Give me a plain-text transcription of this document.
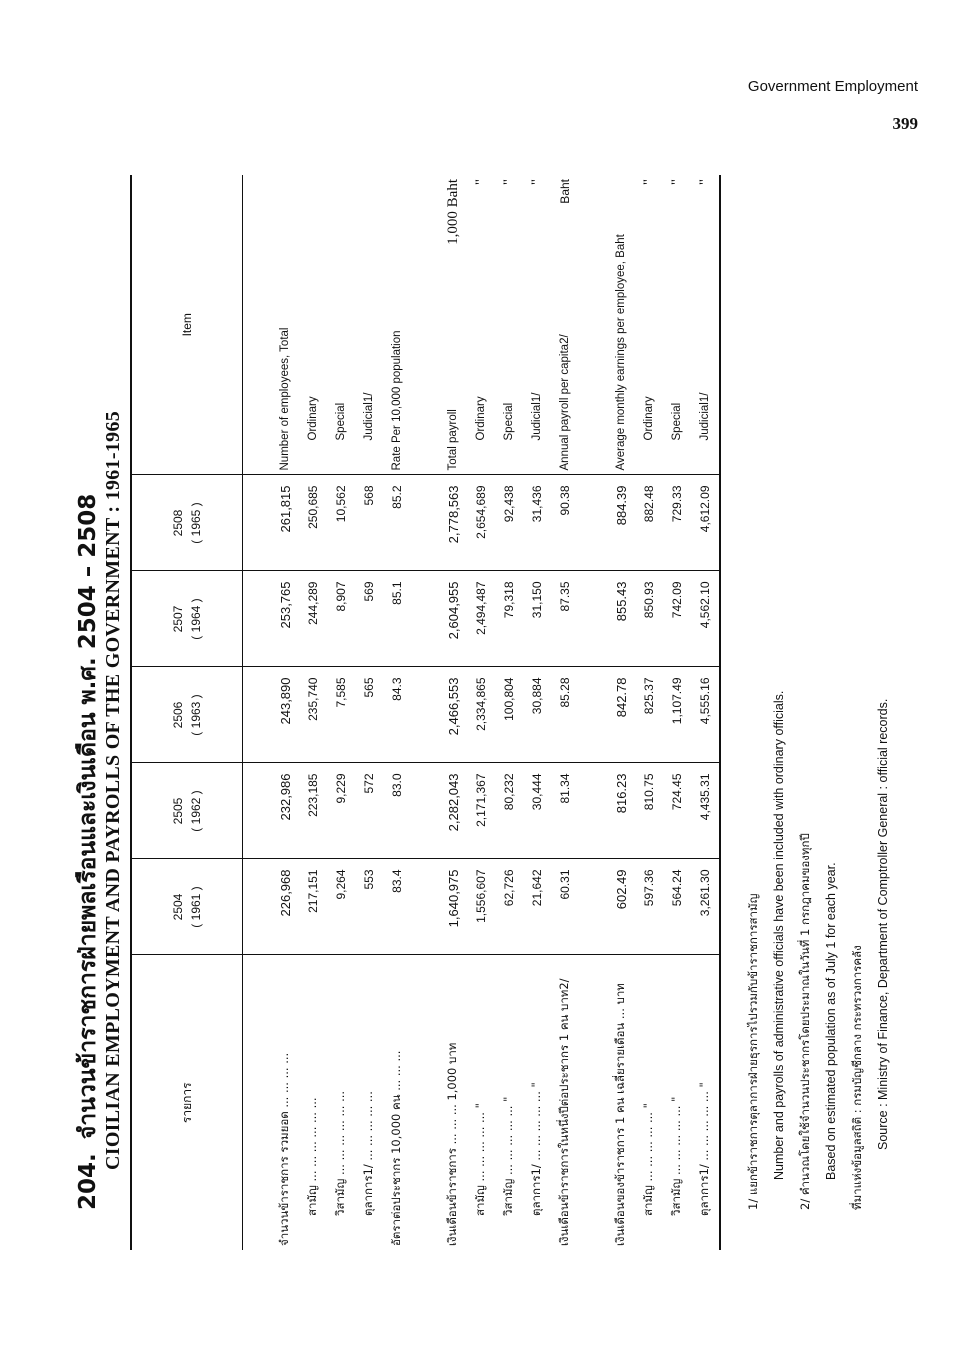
Government Employment
399
204.จำนวนข้าราชการฝ่ายพลเรือนและเงินเดือน พ.ศ. 2504 – 2508 CIOILIAN EMPLOYMENT AND PAYROLLS OF THE GOVERNMENT : 1961-1965	รายการ	2504 ( 1961 )	2505 ( 1962 )	2506 ( 1963 )	2507 ( 1964 )	2508 ( 1965 )	Item	

จำนวนข้าราชการ รวมยอด ... ... ... ...	226,968	232,986	243,890	253,765	261,815	Number of employees, Total	
สามัญ ... ... ... ... ... ...	217,151	223,185	235,740	244,289	250,685	Ordinary	
วิสามัญ ... ... ... ... ... ...	9,264	9,229	7,585	8,907	10,562	Special	
ตุลาการ1/ ... ... ... ... ...	553	572	565	569	568	Judicial1/	
อัตราต่อประชากร 10,000 คน ... ... ...	83.4	83.0	84.3	85.1	85.2	Rate Per 10,000 population	

เงินเดือนข้าราชการ ... ... ... 1,000 บาท	1,640,975	2,282,043	2,466,553	2,604,955	2,778,563	Total payroll	1,000 Baht
สามัญ ... ... ... ... ... "	1,556,607	2,171,367	2,334,865	2,494,487	2,654,689	Ordinary	"
วิสามัญ ... ... ... ... ... "	62,726	80,232	100,804	79,318	92,438	Special	"
ตุลาการ1/ ... ... ... ... ... "	21,642	30,444	30,884	31,150	31,436	Judicial1/	"
เงินเดือนข้าราชการในหนึ่งปีต่อประชากร 1 คน บาท2/	60.31	81.34	85.28	87.35	90.38	Annual payroll per capita2/	Baht

เงินเดือนของข้าราชการ 1 คน เฉลี่ยรายเดือน ... บาท	602.49	816.23	842.78	855.43	884.39	Average monthly earnings per employee, Baht	
สามัญ ... ... ... ... ... "	597.36	810.75	825.37	850.93	882.48	Ordinary	"
วิสามัญ ... ... ... ... ... "	564.24	724.45	1,107.49	742.09	729.33	Special	"
ตุลาการ1/ ... ... ... ... ... "	3,261.30	4,435.31	4,555.16	4,562.10	4,612.09	Judicial1/	"
1/ แยกข้าราชการตุลาการฝ่ายธุรการไปรวมกับข้าราชการสามัญ Number and payrolls of administrative officials have been included with ordinary officials.	2/ คำนวณโดยใช้จำนวนประชากรโดยประมาณในวันที่ 1 กรกฎาคมของทุกปี Based on estimated population as of July 1 for each year.	ที่มาแห่งข้อมูลสถิติ : กรมบัญชีกลาง กระทรวงการคลัง Source : Ministry of Finance, Department of Comptroller General : official records.
